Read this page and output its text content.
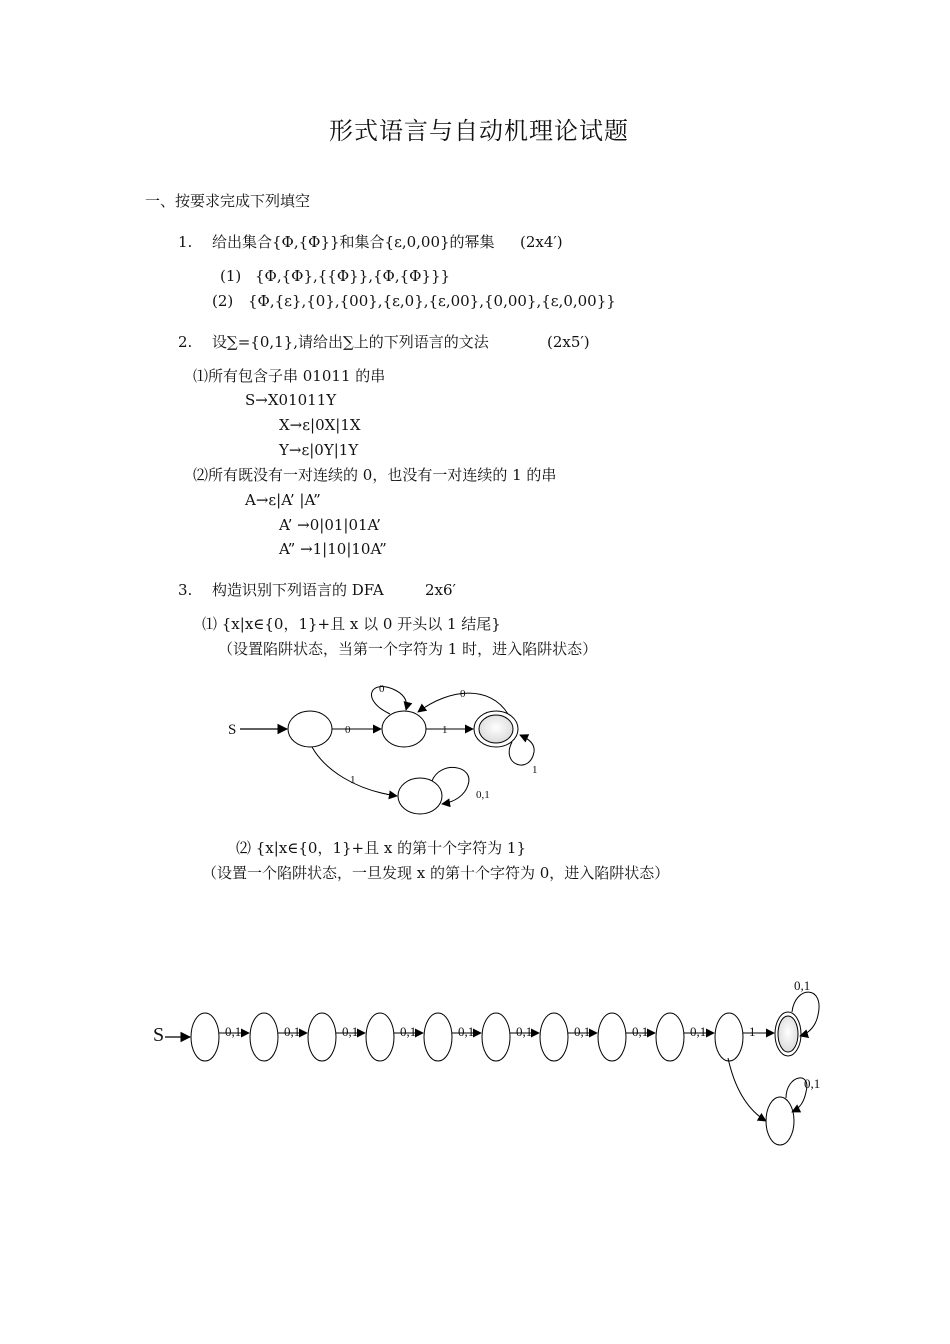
形式语言与自动机理论试题
一、按要求完成下列填空
1. 给出集合{Φ,{Φ}}和集合{ε,0,00}的幂集 (2x4′)
(1) {Φ,{Φ},{{Φ}},{Φ,{Φ}}}
(2) {Φ,{ε},{0},{00},{ε,0},{ε,00},{0,00},{ε,0,00}}
2. 设∑={0,1},请给出∑上的下列语言的文法	(2x5′)
⑴所有包含子串 01011 的串
S→X01011Y
X→ε|0X|1X
Y→ε|0Y|1Y
⑵所有既没有一对连续的 0，也没有一对连续的 1 的串
A→ε|A’ |A”
A’ →0|01|01A’
A” →1|10|10A”
3. 构造识别下列语言的 DFA	2x6′
⑴ {x|x∈{0，1}+且 x 以 0 开头以 1 结尾}
（设置陷阱状态，当第一个字符为 1 时，进入陷阱状态）
S	0
0
1
0
1
1
0,1
⑵ {x|x∈{0，1}+且 x 的第十个字符为 1}
（设置一个陷阱状态，一旦发现 x 的第十个字符为 0，进入陷阱状态）
S	0,1	0,1	0,1	0,1	0,1	0,1	0,1	0,1	0,1	1
0,1
0,1
